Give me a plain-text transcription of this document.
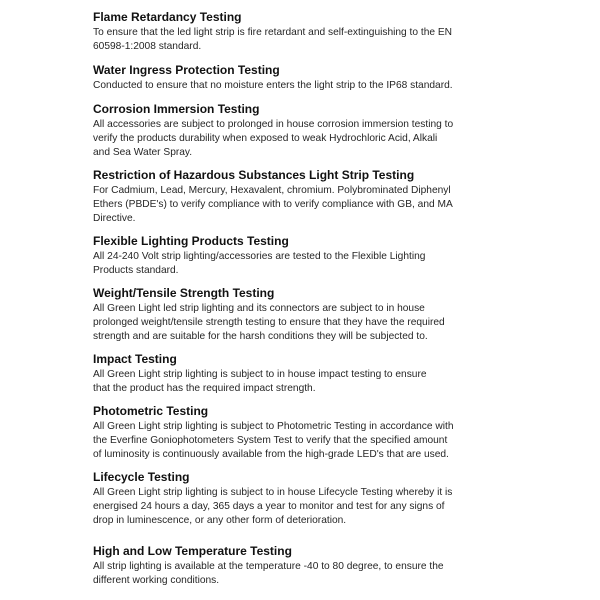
Flame Retardancy Testing

To ensure that the led light strip is fire retardant and self-extinguishing to the EN

60598-1:2008 standard.

Water Ingress Protection Testing

Conducted to ensure that no moisture enters the light strip to the IP68 standard.

Corrosion Immersion Testing

All accessories are subject to prolonged in house corrosion immersion testing to

verify the products durability when exposed to weak Hydrochloric Acid, Alkali

and Sea Water Spray.

Restriction of Hazardous Substances Light Strip Testing

For Cadmium, Lead, Mercury, Hexavalent, chromium. Polybrominated Diphenyl

Ethers (PBDE's) to verify compliance with to verify compliance with GB, and MA

Directive.

Flexible Lighting Products Testing

All 24-240 Volt strip lighting/accessories are tested to the Flexible Lighting

Products standard.

Weight/Tensile Strength Testing

All Green Light led strip lighting and its connectors are subject to in house

prolonged weight/tensile strength testing to ensure that they have the required

strength and are suitable for the harsh conditions they will be subjected to.

Impact Testing

All Green Light strip lighting is subject to in house impact testing to ensure

that the product has the required impact strength.

Photometric Testing

All Green Light strip lighting is subject to Photometric Testing in accordance with

the Everfine Goniophotometers System Test to verify that the specified amount

of luminosity is continuously available from the high-grade LED's that are used.

Lifecycle Testing

All Green Light strip lighting is subject to in house Lifecycle Testing whereby it is

energised 24 hours a day, 365 days a year to monitor and test for any signs of

drop in luminescence, or any other form of deterioration.

High and Low Temperature Testing

All strip lighting is available at the temperature -40 to 80 degree, to ensure the

different working conditions.
